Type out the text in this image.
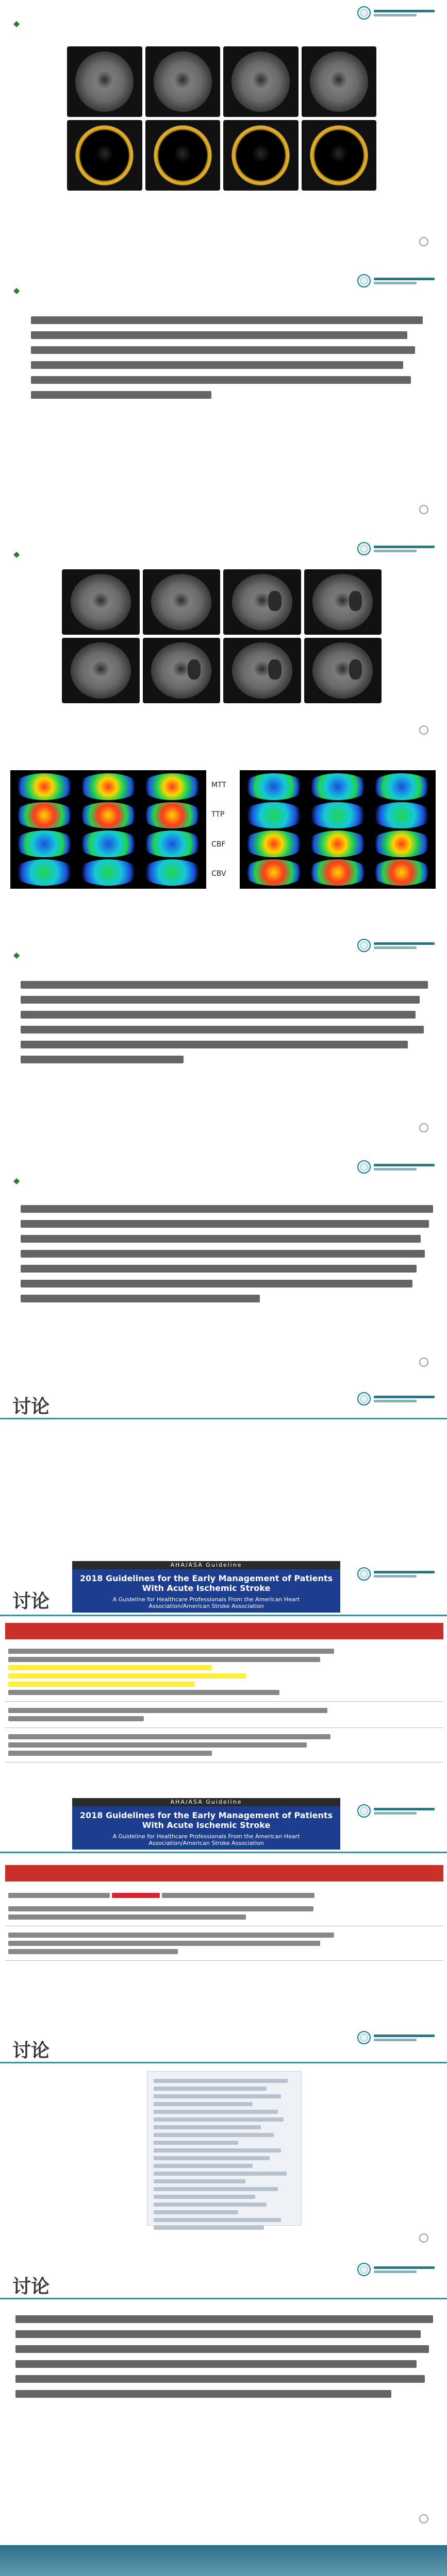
◆
◆
◆
MTT
TTP
CBF
CBV
◆
◆
讨论
讨论
AHA/ASA Guideline
2018 Guidelines for the Early Management of Patients With Acute Ischemic Stroke
A Guideline for Healthcare Professionals From the American Heart Association/American Stroke Association

AHA/ASA Guideline
2018 Guidelines for the Early Management of Patients With Acute Ischemic Stroke
A Guideline for Healthcare Professionals From the American Heart Association/American Stroke Association

讨论
讨论
